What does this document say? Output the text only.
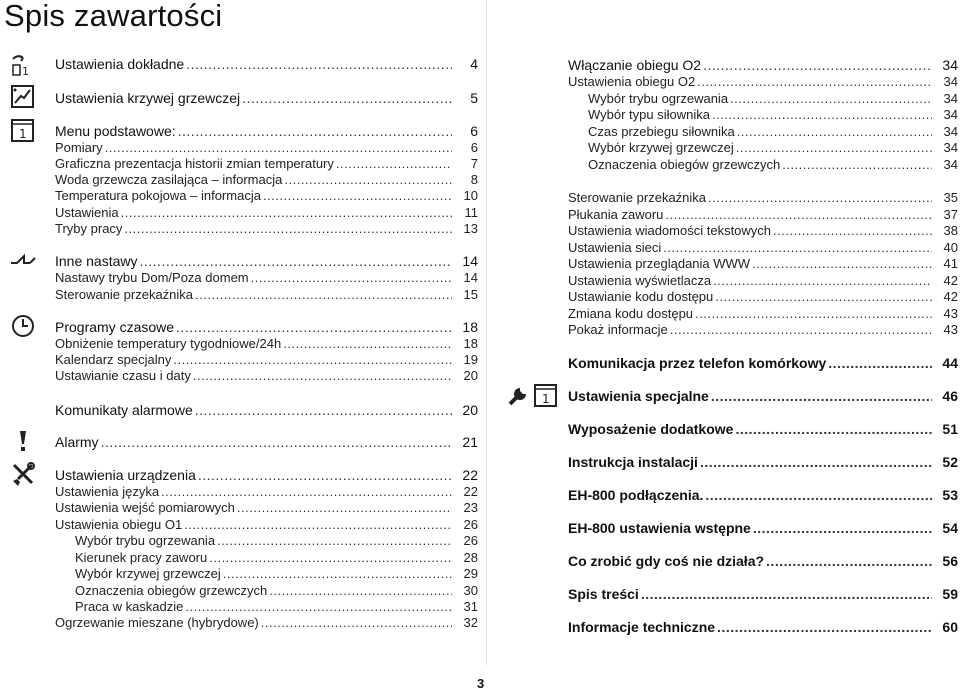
Spis zawartości
Ustawienia dokładne .....	4
Ustawienia krzywej grzewczej .....	5
Menu podstawowe: .....	6
Pomiary .....	6
Graficzna prezentacja historii zmian temperatury .....	7
Woda grzewcza zasilająca – informacja .....	8
Temperatura pokojowa – informacja .....	10
Ustawienia .....	11
Tryby pracy .....	13
Inne nastawy .....	14
Nastawy trybu Dom/Poza domem .....	14
Sterowanie przekaźnika .....	15
Programy czasowe .....	18
Obniżenie temperatury tygodniowe/24h .....	18
Kalendarz specjalny .....	19
Ustawianie czasu i daty .....	20
Komunikaty alarmowe .....	20
Alarmy .....	21
Ustawienia urządzenia .....	22
Ustawienia języka .....	22
Ustawienia wejść pomiarowych .....	23
Ustawienia obiegu O1 .....	26
Wybór trybu ogrzewania .....	26
Kierunek pracy zaworu .....	28
Wybór krzywej grzewczej .....	29
Oznaczenia obiegów grzewczych .....	30
Praca w kaskadzie .....	31
Ogrzewanie mieszane (hybrydowe) .....	32
Włączanie obiegu O2 .....	34
Ustawienia obiegu O2 .....	34
Wybór trybu ogrzewania .....	34
Wybór typu siłownika .....	34
Czas przebiegu siłownika .....	34
Wybór krzywej grzewczej .....	34
Oznaczenia obiegów grzewczych .....	34
Sterowanie przekaźnika .....	35
Płukania zaworu .....	37
Ustawienia wiadomości tekstowych .....	38
Ustawienia sieci .....	40
Ustawienia przeglądania WWW .....	41
Ustawienia wyświetlacza .....	42
Ustawianie kodu dostępu .....	42
Zmiana kodu dostępu .....	43
Pokaż informacje .....	43
Komunikacja przez telefon komórkowy .....	44
Ustawienia specjalne .....	46
Wyposażenie dodatkowe .....	51
Instrukcja instalacji .....	52
EH-800 podłączenia. .....	53
EH-800 ustawienia wstępne .....	54
Co zrobić gdy coś nie działa? .....	56
Spis treści .....	59
Informacje techniczne .....	60
1
1
1
3
